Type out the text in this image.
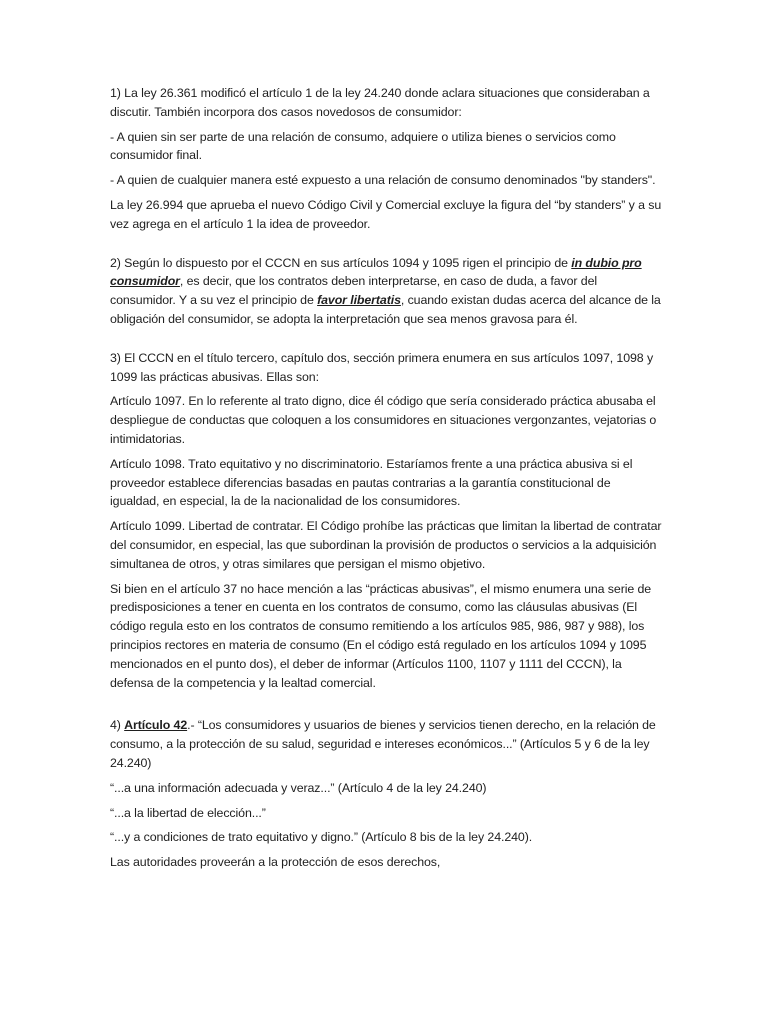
1) La ley 26.361 modificó el artículo 1 de la ley 24.240 donde aclara situaciones que consideraban a discutir. También incorpora dos casos novedosos de consumidor:

- A quien sin ser parte de una relación de consumo, adquiere o utiliza bienes o servicios como consumidor final.

- A quien de cualquier manera esté expuesto a una relación de consumo denominados "by standers".

La ley 26.994 que aprueba el nuevo Código Civil y Comercial excluye la figura del “by standers” y a su vez agrega en el artículo 1 la idea de proveedor.

2) Según lo dispuesto por el CCCN en sus artículos 1094 y 1095 rigen el principio de in dubio pro consumidor, es decir, que los contratos deben interpretarse, en caso de duda, a favor del consumidor. Y a su vez el principio de favor libertatis, cuando existan dudas acerca del alcance de la obligación del consumidor, se adopta la interpretación que sea menos gravosa para él.

3) El CCCN en el título tercero, capítulo dos, sección primera enumera en sus artículos 1097, 1098 y 1099 las prácticas abusivas. Ellas son:

Artículo 1097. En lo referente al trato digno, dice él código que sería considerado práctica abusaba el despliegue de conductas que coloquen a los consumidores en situaciones vergonzantes, vejatorias o intimidatorias.

Artículo 1098. Trato equitativo y no discriminatorio. Estaríamos frente a una práctica abusiva si el proveedor establece diferencias basadas en pautas contrarias a la garantía constitucional de igualdad, en especial, la de la nacionalidad de los consumidores.

Artículo 1099. Libertad de contratar. El Código prohíbe las prácticas que limitan la libertad de contratar del consumidor, en especial, las que subordinan la provisión de productos o servicios a la adquisición simultanea de otros, y otras similares que persigan el mismo objetivo.

Si bien en el artículo 37 no hace mención a las “prácticas abusivas”, el mismo enumera una serie de predisposiciones a tener en cuenta en los contratos de consumo, como las cláusulas abusivas (El código regula esto en los contratos de consumo remitiendo a los artículos 985, 986, 987 y 988), los principios rectores en materia de consumo (En el código está regulado en los artículos 1094 y 1095 mencionados en el punto dos), el deber de informar (Artículos 1100, 1107 y 1111 del CCCN), la defensa de la competencia y la lealtad comercial.

4) Artículo 42.- “Los consumidores y usuarios de bienes y servicios tienen derecho, en la relación de consumo, a la protección de su salud, seguridad e intereses económicos...” (Artículos 5 y 6 de la ley 24.240)

“...a una información adecuada y veraz...” (Artículo 4 de la ley 24.240)

“...a la libertad de elección...”

“...y a condiciones de trato equitativo y digno.” (Artículo 8 bis de la ley 24.240).

Las autoridades proveerán a la protección de esos derechos,
